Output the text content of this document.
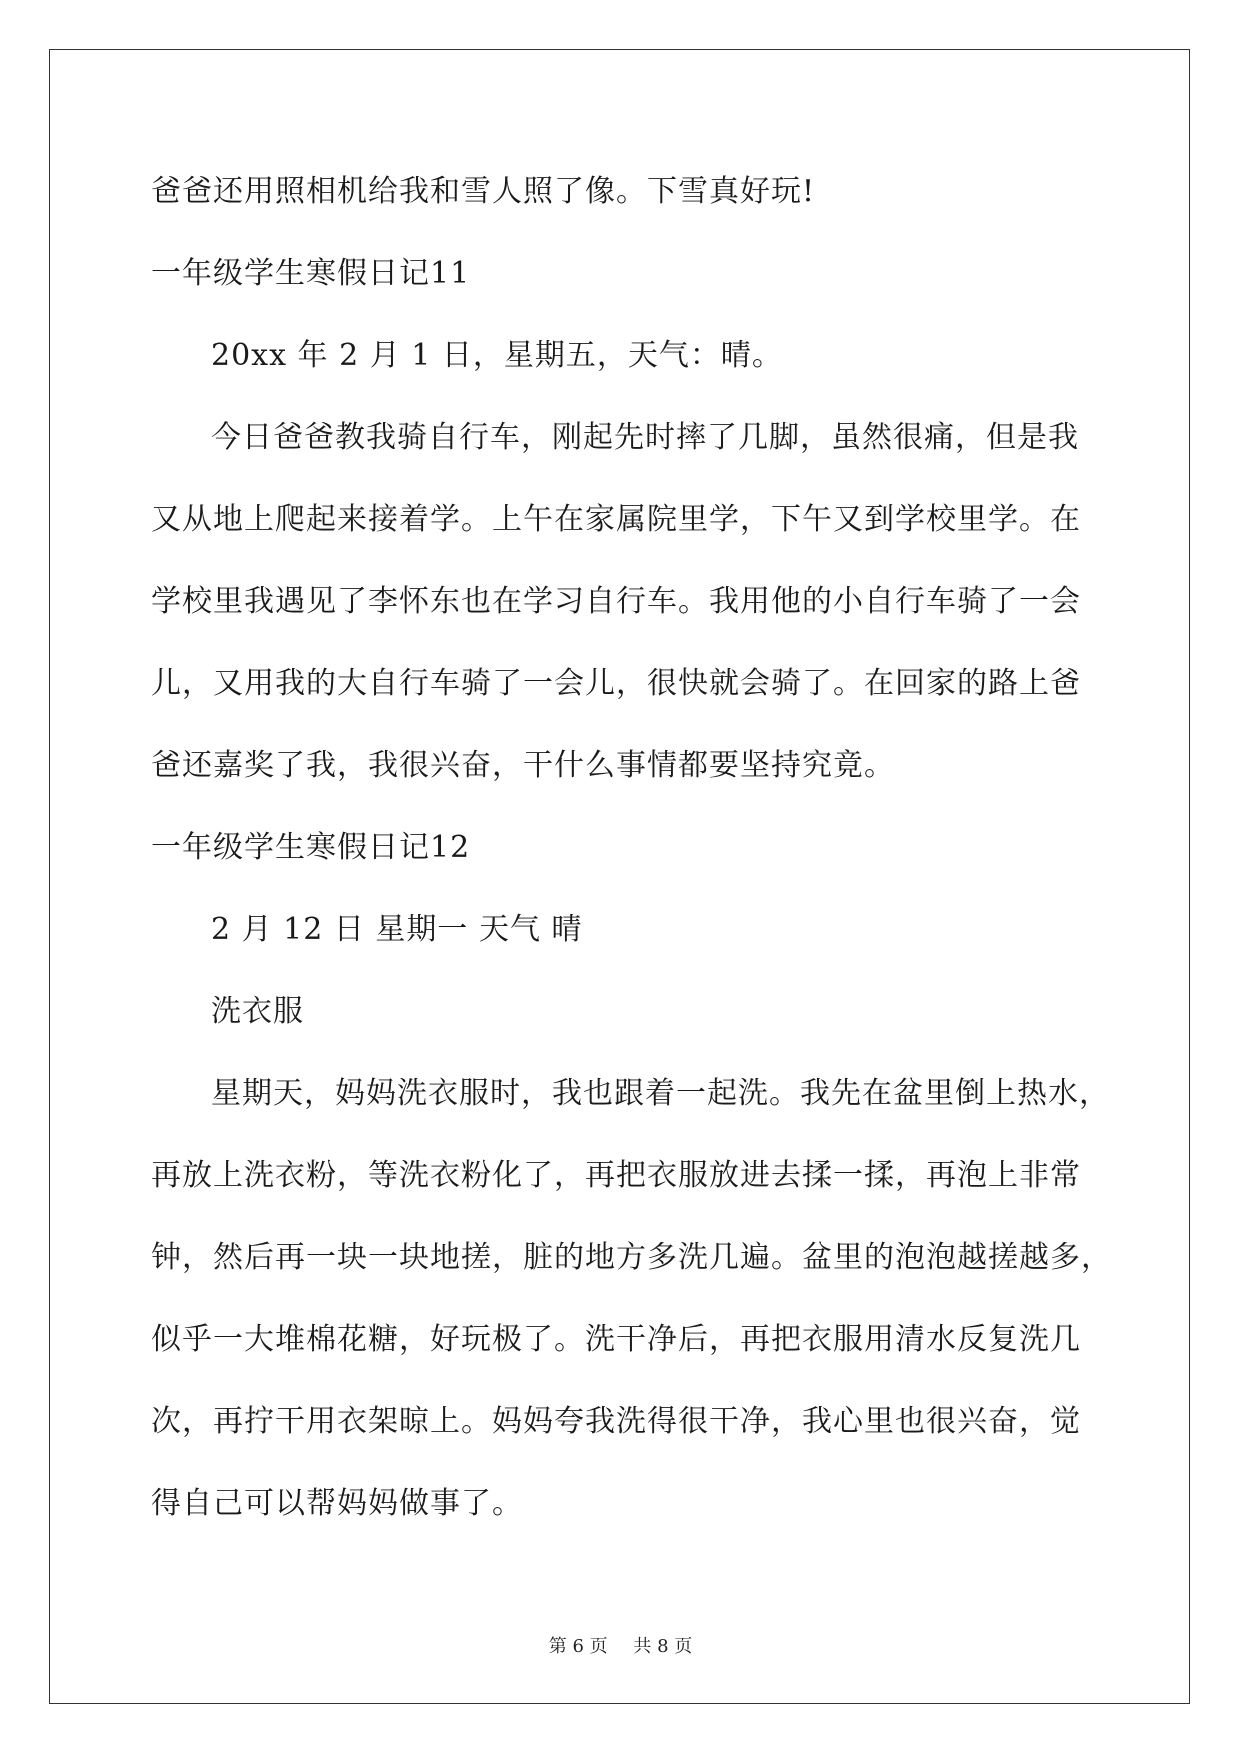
爸爸还用照相机给我和雪人照了像。下雪真好玩!
一年级学生寒假日记11
20xx 年 2 月 1 日，星期五，天气：晴。
今日爸爸教我骑自行车，刚起先时摔了几脚，虽然很痛，但是我
又从地上爬起来接着学。上午在家属院里学，下午又到学校里学。在
学校里我遇见了李怀东也在学习自行车。我用他的小自行车骑了一会
儿，又用我的大自行车骑了一会儿，很快就会骑了。在回家的路上爸
爸还嘉奖了我，我很兴奋，干什么事情都要坚持究竟。
一年级学生寒假日记12
2 月 12 日 星期一 天气 晴
洗衣服
星期天，妈妈洗衣服时，我也跟着一起洗。我先在盆里倒上热水，
再放上洗衣粉，等洗衣粉化了，再把衣服放进去揉一揉，再泡上非常
钟，然后再一块一块地搓，脏的地方多洗几遍。盆里的泡泡越搓越多，
似乎一大堆棉花糖，好玩极了。洗干净后，再把衣服用清水反复洗几
次，再拧干用衣架晾上。妈妈夸我洗得很干净，我心里也很兴奋，觉
得自己可以帮妈妈做事了。
第 6 页 共 8 页
